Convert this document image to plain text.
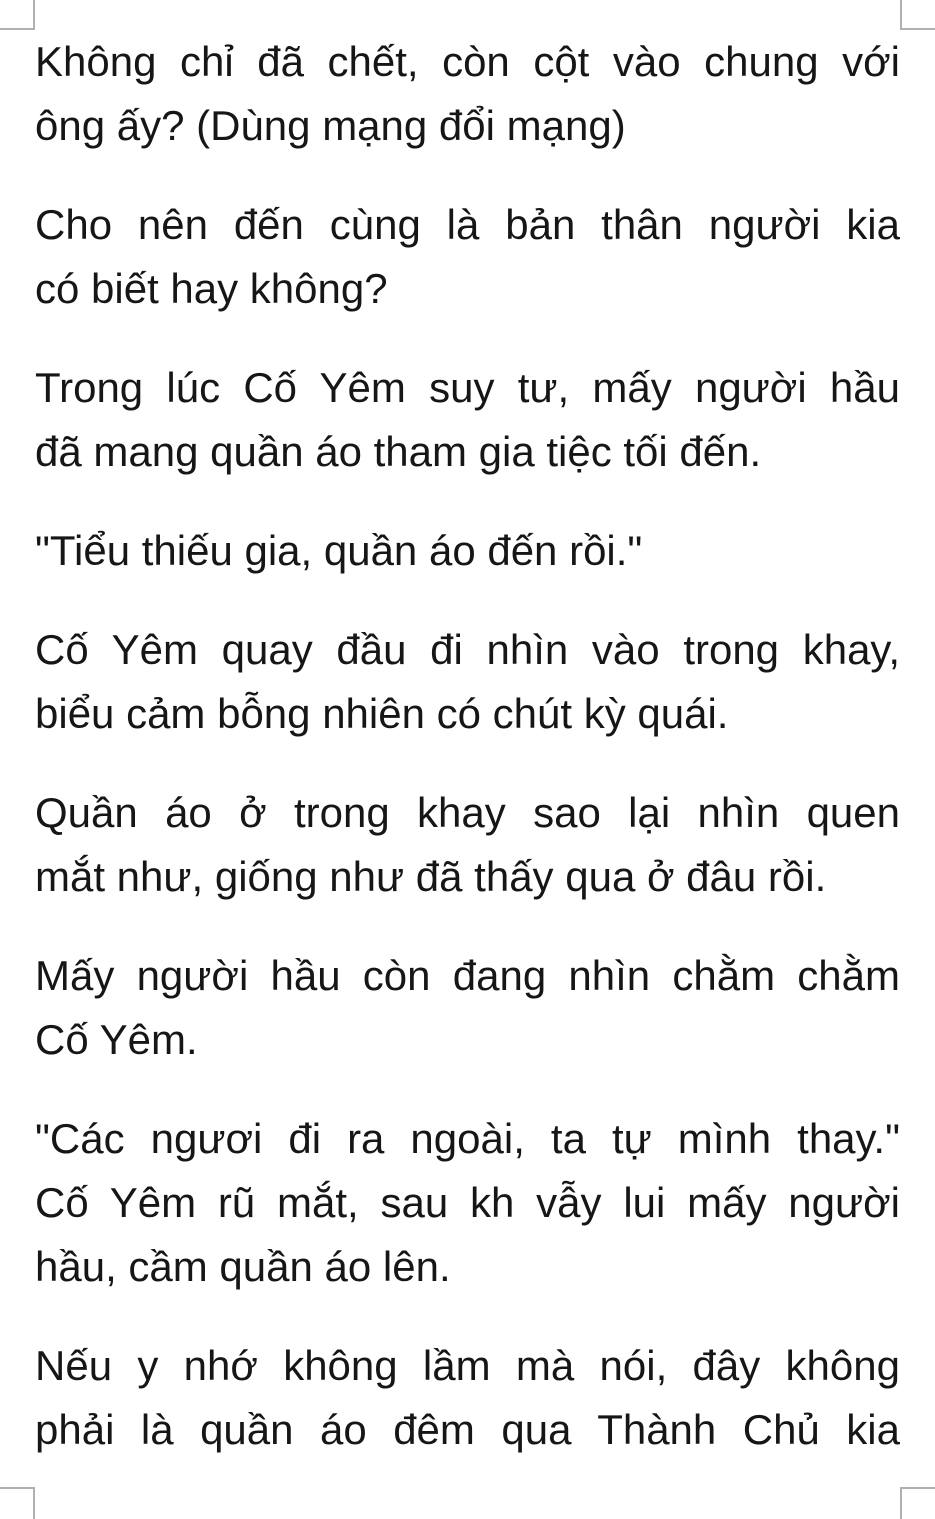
Không chỉ đã chết, còn cột vào chung với
ông ấy? (Dùng mạng đổi mạng)
Cho nên đến cùng là bản thân người kia
có biết hay không?
Trong lúc Cố Yêm suy tư, mấy người hầu
đã mang quần áo tham gia tiệc tối đến.
"Tiểu thiếu gia, quần áo đến rồi."
Cố Yêm quay đầu đi nhìn vào trong khay,
biểu cảm bỗng nhiên có chút kỳ quái.
Quần áo ở trong khay sao lại nhìn quen
mắt như, giống như đã thấy qua ở đâu rồi.
Mấy người hầu còn đang nhìn chằm chằm
Cố Yêm.
"Các ngươi đi ra ngoài, ta tự mình thay."
Cố Yêm rũ mắt, sau kh vẫy lui mấy người
hầu, cầm quần áo lên.
Nếu y nhớ không lầm mà nói, đây không
phải là quần áo đêm qua Thành Chủ kia
